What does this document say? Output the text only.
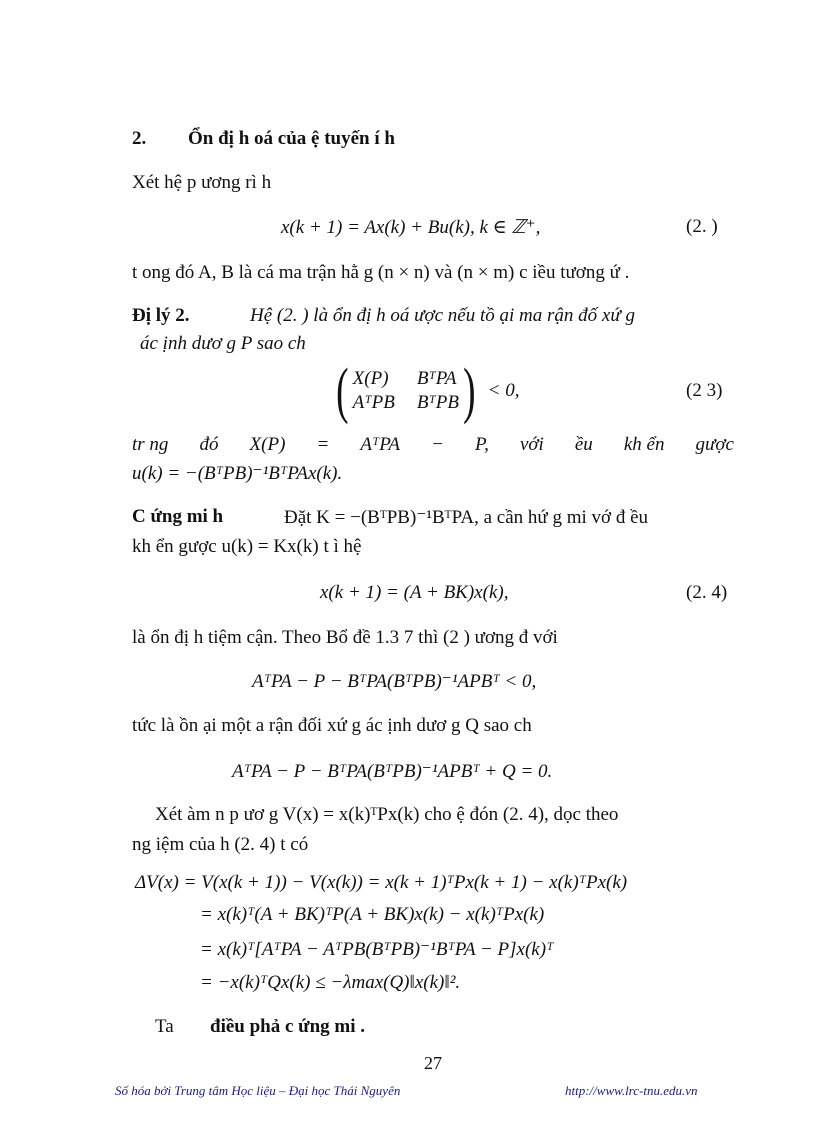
2. Ổn đị h oá của ệ tuyến í h
Xét hệ p ương rì h
x(k + 1) = Ax(k) + Bu(k), k ∈ ℤ⁺,	(2. )
t ong đó A, B là cá ma trận hằ g (n × n) và (n × m) c iều tương ứ .
Đị lý 2.	Hệ (2. ) là ổn đị h oá ược nếu tồ ại ma rận đố xứ g
ác ịnh dươ g P sao ch
( X(P)	BᵀPA
AᵀPB BᵀPB ) < 0,	(2 3)
tr ng đó X(P) = AᵀPA − P, với ều kh ển gược
u(k) = −(BᵀPB)⁻¹BᵀPAx(k).
C ứng mi h	Đặt K = −(BᵀPB)⁻¹BᵀPA, a cần hứ g mi vớ đ ều
kh ển gược u(k) = Kx(k) t ì hệ
x(k + 1) = (A + BK)x(k),	(2. 4)
là ổn đị h tiệm cận. Theo Bổ đề 1.3 7 thì (2 ) ương đ với
AᵀPA − P − BᵀPA(BᵀPB)⁻¹APBᵀ < 0,
tức là ồn ại một a rận đối xứ g ác ịnh dươ g Q sao ch
AᵀPA − P − BᵀPA(BᵀPB)⁻¹APBᵀ + Q = 0.
Xét àm n p ươ g V(x) = x(k)ᵀPx(k) cho ệ đón (2. 4), dọc theo
ng iệm của h (2. 4) t có
ΔV(x) = V(x(k + 1)) − V(x(k)) = x(k + 1)ᵀPx(k + 1) − x(k)ᵀPx(k)
= x(k)ᵀ(A + BK)ᵀP(A + BK)x(k) − x(k)ᵀPx(k)
= x(k)ᵀ[AᵀPA − AᵀPB(BᵀPB)⁻¹BᵀPA − P]x(k)ᵀ
= −x(k)ᵀQx(k) ≤ −λmax(Q)‖x(k)‖².
Ta điều phả c ứng mi .
27
Số hóa bởi Trung tâm Học liệu – Đại học Thái Nguyên	http://www.lrc-tnu.edu.vn
